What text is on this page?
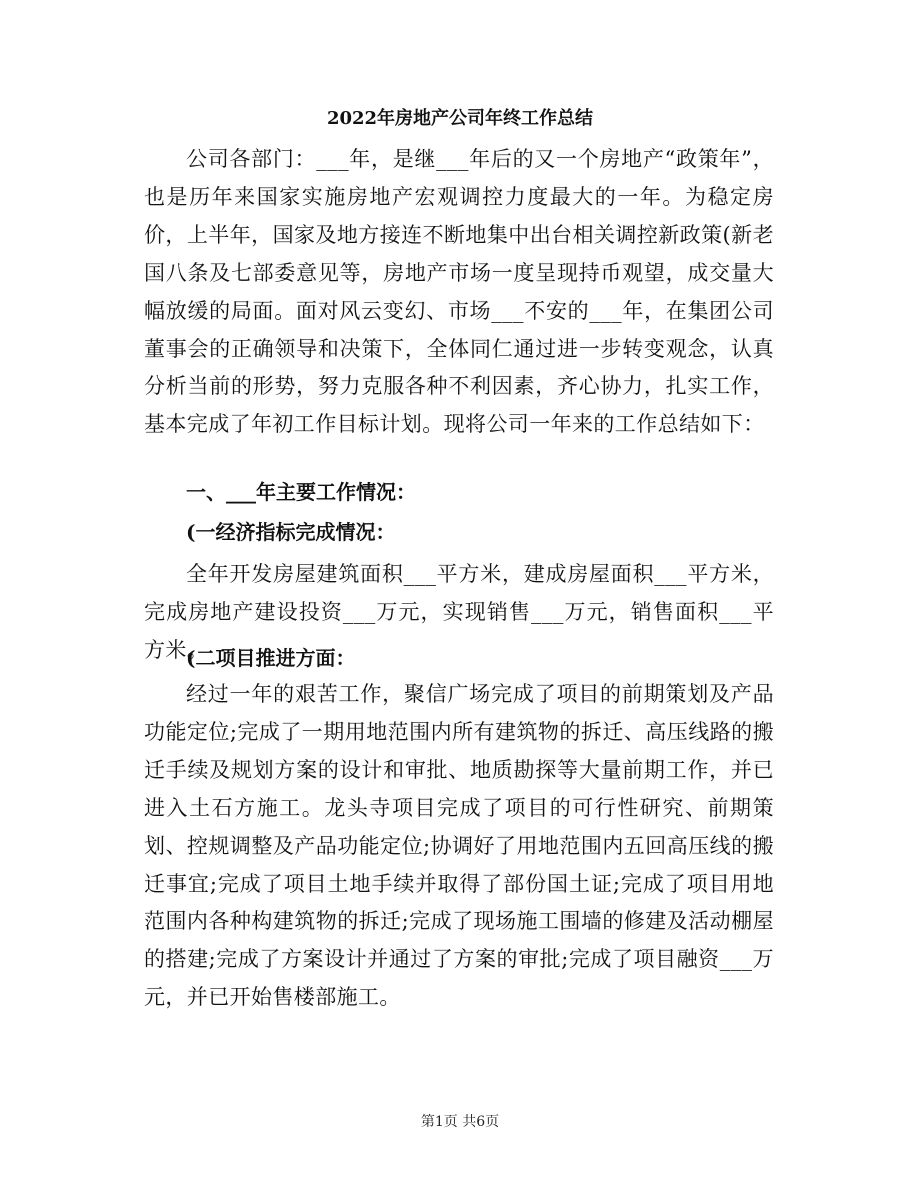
2022年房地产公司年终工作总结

公司各部门：___年，是继___年后的又一个房地产“政策年”，也是历年来国家实施房地产宏观调控力度最大的一年。为稳定房价，上半年，国家及地方接连不断地集中出台相关调控新政策(新老国八条及七部委意见等，房地产市场一度呈现持币观望，成交量大幅放缓的局面。面对风云变幻、市场___不安的___年，在集团公司董事会的正确领导和决策下，全体同仁通过进一步转变观念，认真分析当前的形势，努力克服各种不利因素，齐心协力，扎实工作，基本完成了年初工作目标计划。现将公司一年来的工作总结如下：

一、___年主要工作情况：
(一经济指标完成情况：

全年开发房屋建筑面积___平方米，建成房屋面积___平方米，完成房地产建设投资___万元，实现销售___万元，销售面积___平方米。

(二项目推进方面：

经过一年的艰苦工作，聚信广场完成了项目的前期策划及产品功能定位;完成了一期用地范围内所有建筑物的拆迁、高压线路的搬迁手续及规划方案的设计和审批、地质勘探等大量前期工作，并已进入土石方施工。龙头寺项目完成了项目的可行性研究、前期策划、控规调整及产品功能定位;协调好了用地范围内五回高压线的搬迁事宜;完成了项目土地手续并取得了部份国土证;完成了项目用地范围内各种构建筑物的拆迁;完成了现场施工围墙的修建及活动棚屋的搭建;完成了方案设计并通过了方案的审批;完成了项目融资___万元，并已开始售楼部施工。

第1页 共6页
